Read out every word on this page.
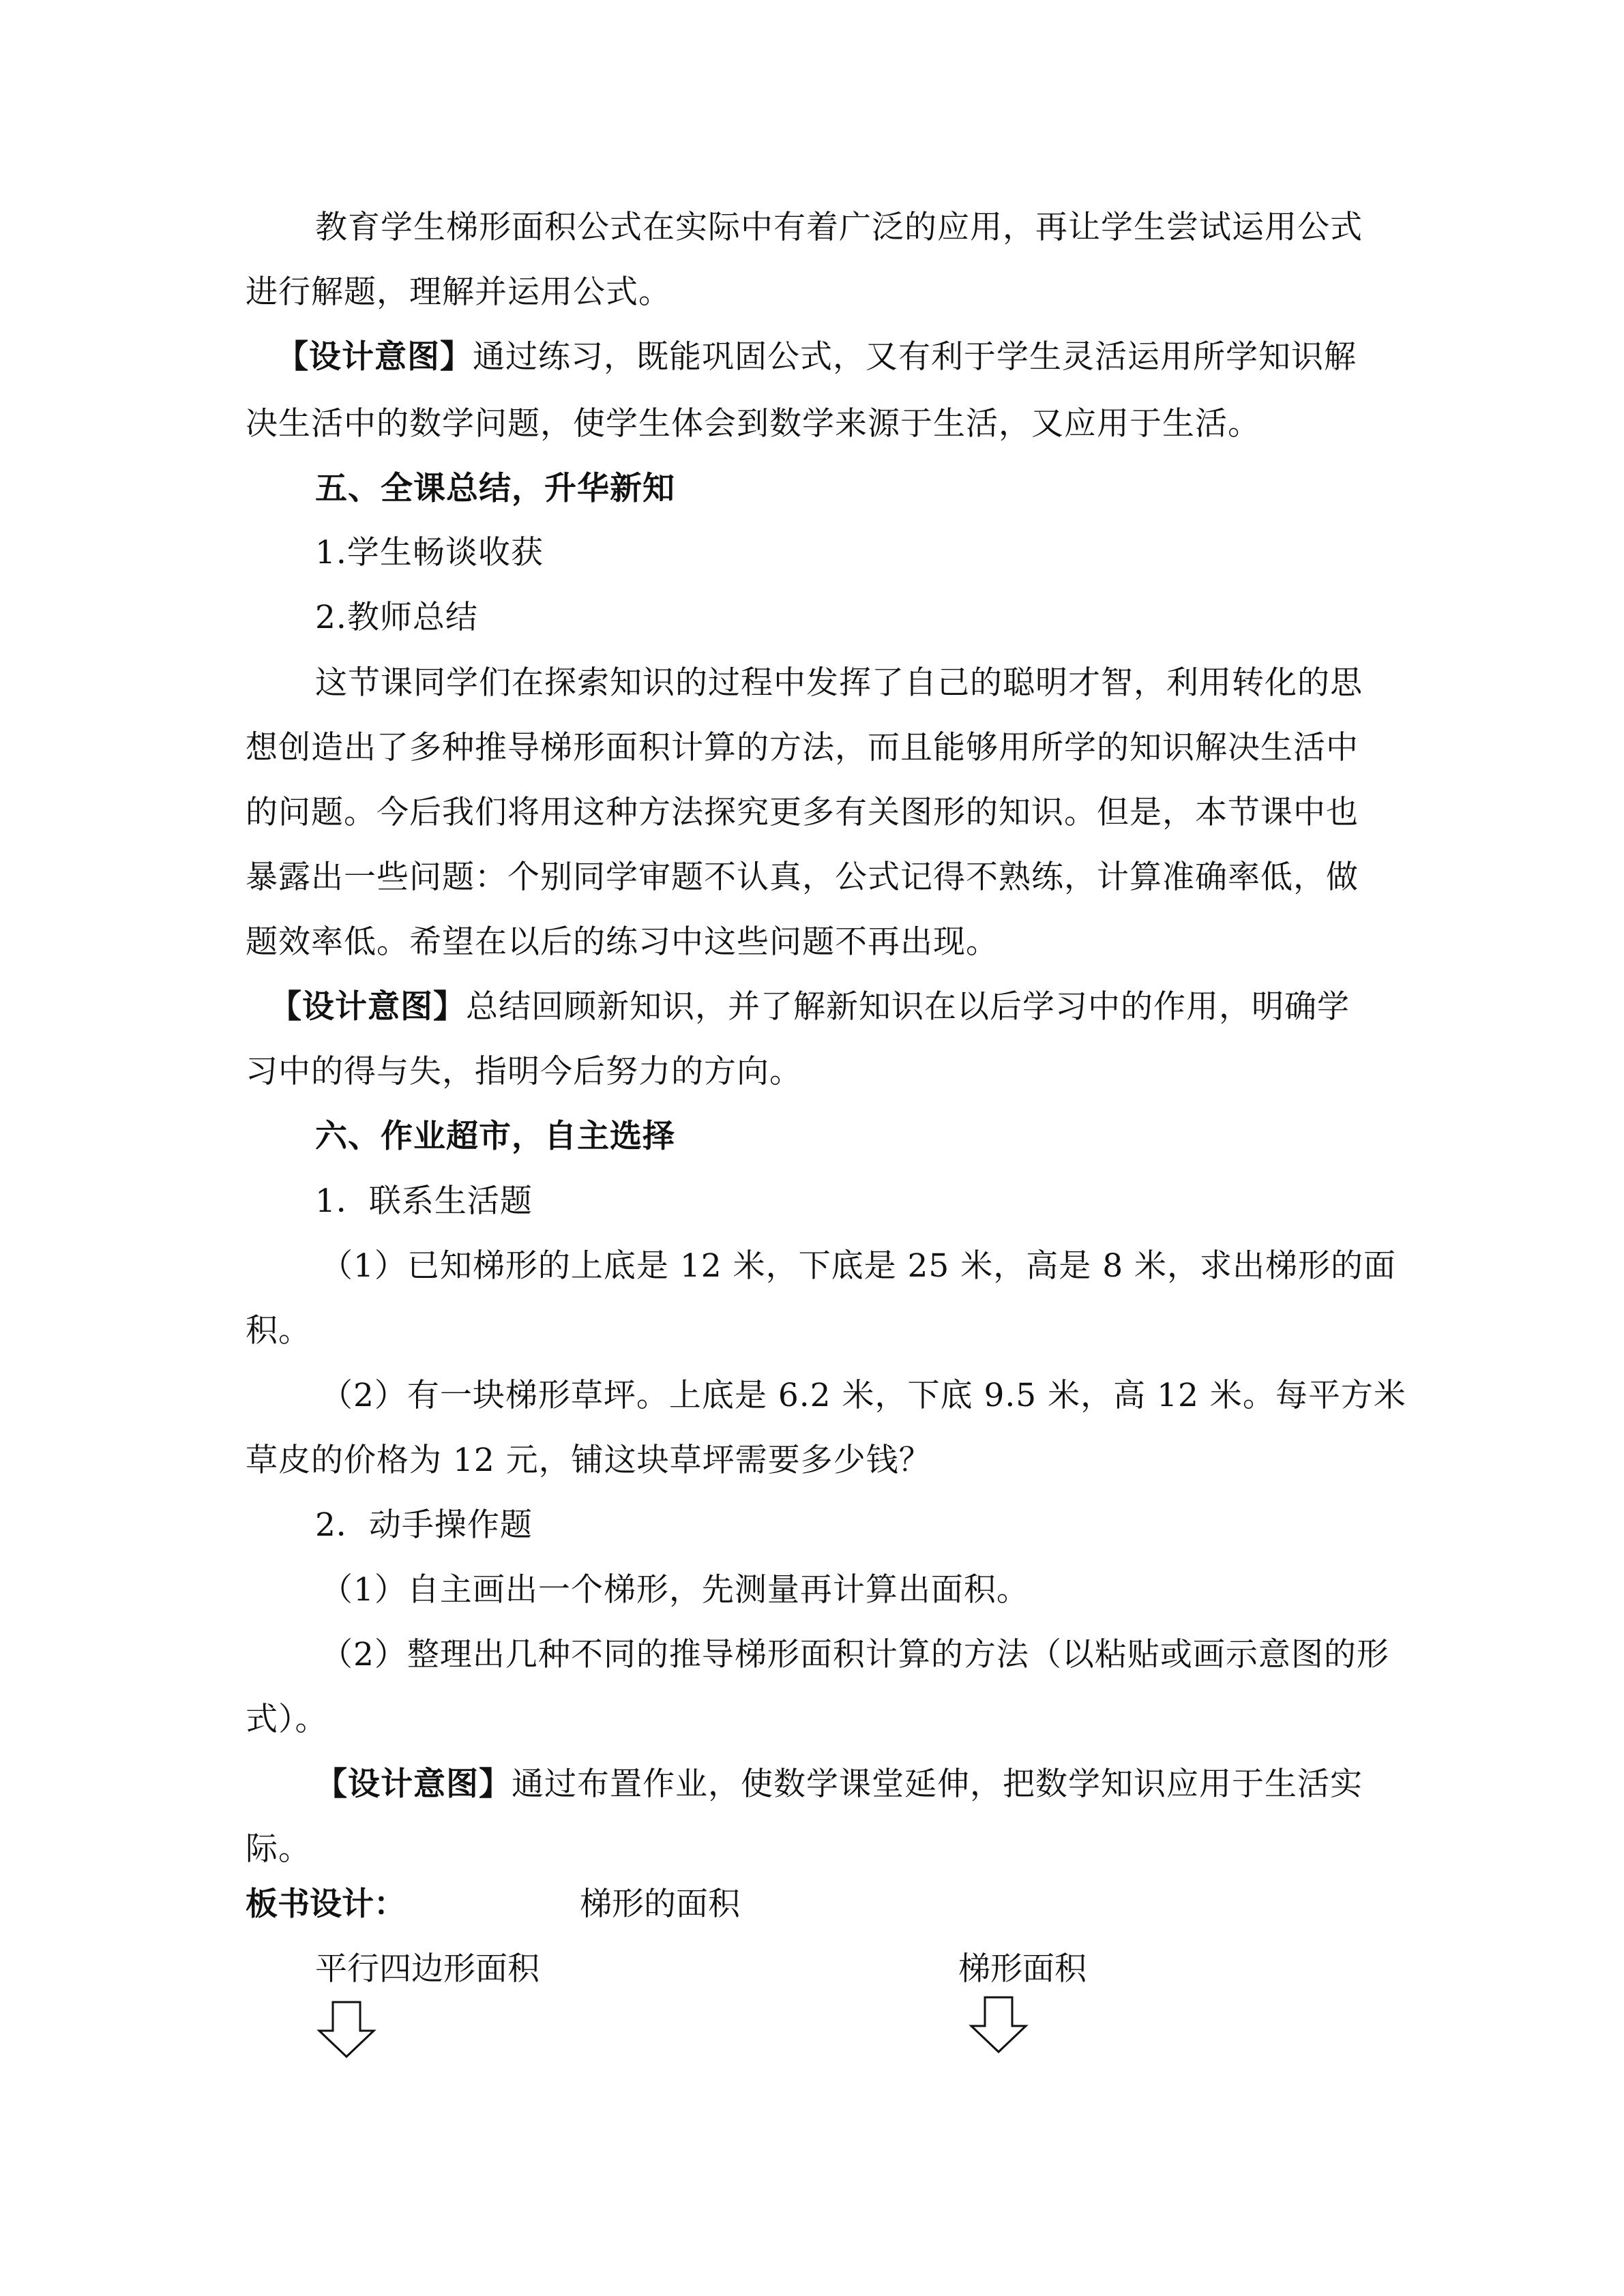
教育学生梯形面积公式在实际中有着广泛的应用，再让学生尝试运用公式
进行解题，理解并运用公式。
【设计意图】通过练习，既能巩固公式，又有利于学生灵活运用所学知识解
决生活中的数学问题，使学生体会到数学来源于生活，又应用于生活。
五、全课总结，升华新知
1.学生畅谈收获
2.教师总结
这节课同学们在探索知识的过程中发挥了自己的聪明才智，利用转化的思
想创造出了多种推导梯形面积计算的方法，而且能够用所学的知识解决生活中
的问题。今后我们将用这种方法探究更多有关图形的知识。但是，本节课中也
暴露出一些问题：个别同学审题不认真，公式记得不熟练，计算准确率低，做
题效率低。希望在以后的练习中这些问题不再出现。
【设计意图】总结回顾新知识，并了解新知识在以后学习中的作用，明确学
习中的得与失，指明今后努力的方向。
六、作业超市，自主选择
1．联系生活题
（1）已知梯形的上底是 12 米，下底是 25 米，高是 8 米，求出梯形的面
积。
（2）有一块梯形草坪。上底是 6.2 米，下底 9.5 米，高 12 米。每平方米
草皮的价格为 12 元，铺这块草坪需要多少钱？
2．动手操作题
（1）自主画出一个梯形，先测量再计算出面积。
（2）整理出几种不同的推导梯形面积计算的方法（以粘贴或画示意图的形
式）。
【设计意图】通过布置作业，使数学课堂延伸，把数学知识应用于生活实
际。
板书设计：	梯形的面积
平行四边形面积	梯形面积
